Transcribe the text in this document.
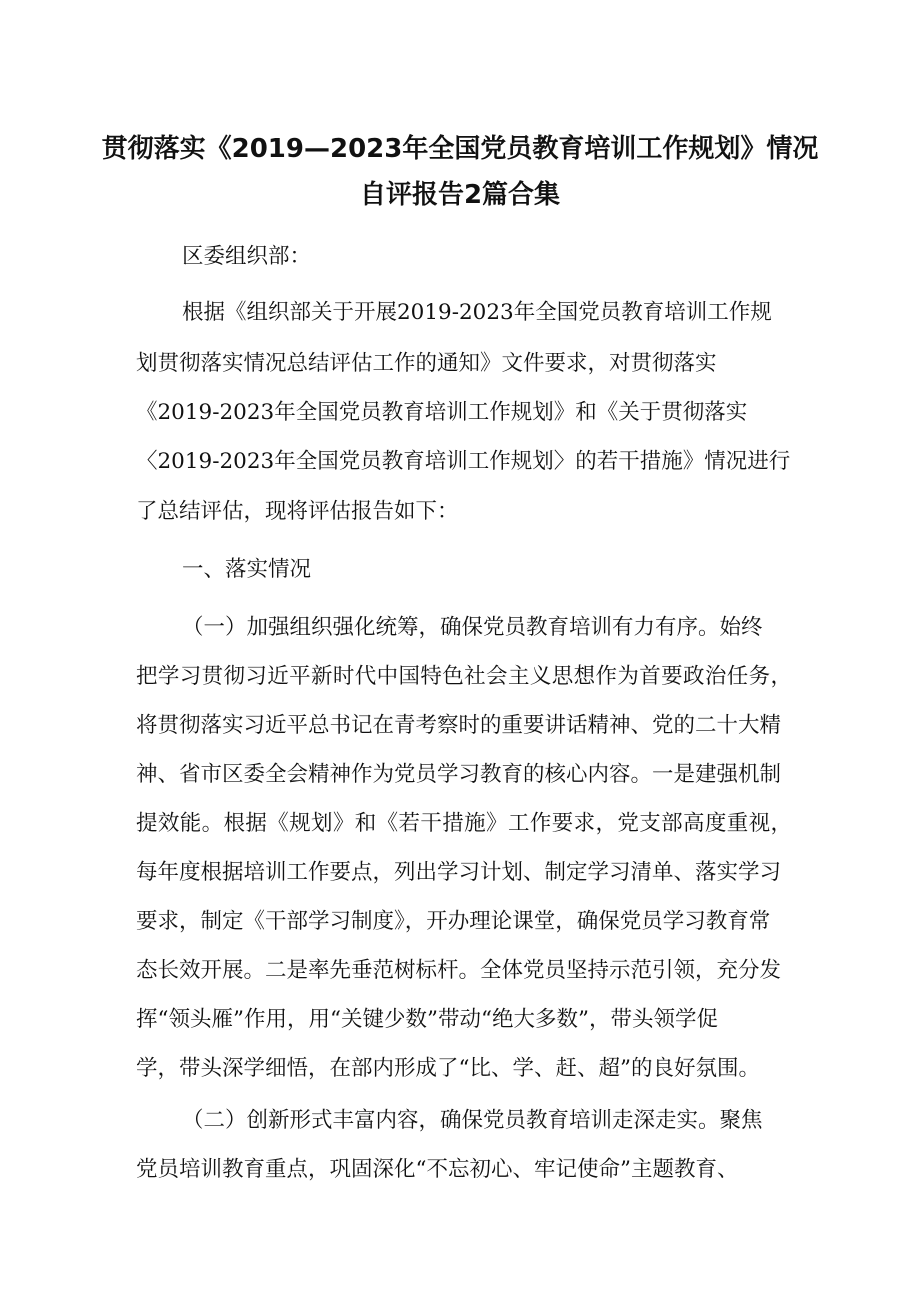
贯彻落实《2019—2023年全国党员教育培训工作规划》情况
自评报告2篇合集
区委组织部：
根据《组织部关于开展2019-2023年全国党员教育培训工作规
划贯彻落实情况总结评估工作的通知》文件要求，对贯彻落实
《2019-2023年全国党员教育培训工作规划》和《关于贯彻落实
〈2019-2023年全国党员教育培训工作规划〉的若干措施》情况进行
了总结评估，现将评估报告如下：
一、落实情况
（一）加强组织强化统筹，确保党员教育培训有力有序。始终
把学习贯彻习近平新时代中国特色社会主义思想作为首要政治任务，
将贯彻落实习近平总书记在青考察时的重要讲话精神、党的二十大精
神、省市区委全会精神作为党员学习教育的核心内容。一是建强机制
提效能。根据《规划》和《若干措施》工作要求，党支部高度重视，
每年度根据培训工作要点，列出学习计划、制定学习清单、落实学习
要求，制定《干部学习制度》，开办理论课堂，确保党员学习教育常
态长效开展。二是率先垂范树标杆。全体党员坚持示范引领，充分发
挥“领头雁”作用，用“关键少数”带动“绝大多数”，带头领学促
学，带头深学细悟，在部内形成了“比、学、赶、超”的良好氛围。
（二）创新形式丰富内容，确保党员教育培训走深走实。聚焦
党员培训教育重点，巩固深化“不忘初心、牢记使命”主题教育、
